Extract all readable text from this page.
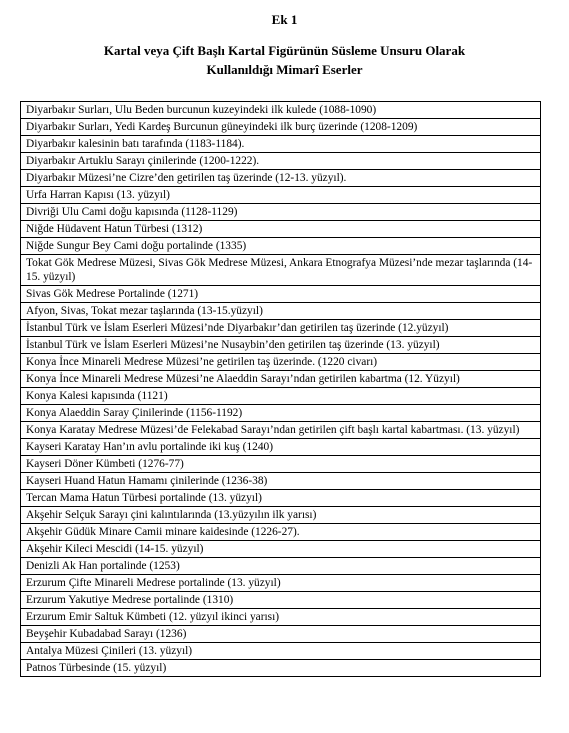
Ek 1
Kartal veya Çift Başlı Kartal Figürünün Süsleme Unsuru Olarak
Kullanıldığı Mimarî Eserler
Diyarbakır Surları, Ulu Beden burcunun kuzeyindeki ilk kulede (1088-1090)
Diyarbakır Surları, Yedi Kardeş Burcunun güneyindeki ilk burç üzerinde (1208-1209)
Diyarbakır kalesinin batı tarafında (1183-1184).
Diyarbakır Artuklu Sarayı çinilerinde (1200-1222).
Diyarbakır Müzesi’ne Cizre’den getirilen taş üzerinde (12-13. yüzyıl).
Urfa Harran Kapısı (13. yüzyıl)
Divriği Ulu Cami doğu kapısında (1128-1129)
Niğde Hüdavent Hatun Türbesi (1312)
Niğde Sungur Bey Cami doğu portalinde (1335)
Tokat Gök Medrese Müzesi, Sivas Gök Medrese Müzesi, Ankara Etnografya Müzesi’nde mezar taşlarında (14-15. yüzyıl)
Sivas Gök Medrese Portalinde (1271)
Afyon, Sivas, Tokat mezar taşlarında (13-15.yüzyıl)
İstanbul Türk ve İslam Eserleri Müzesi’nde Diyarbakır’dan getirilen taş üzerinde (12.yüzyıl)
İstanbul Türk ve İslam Eserleri Müzesi’ne Nusaybin’den getirilen taş üzerinde (13. yüzyıl)
Konya İnce Minareli Medrese Müzesi’ne getirilen taş üzerinde. (1220 civarı)
Konya İnce Minareli Medrese Müzesi’ne Alaeddin Sarayı’ndan getirilen kabartma (12. Yüzyıl)
Konya Kalesi kapısında (1121)
Konya Alaeddin Saray Çinilerinde (1156-1192)
Konya Karatay Medrese Müzesi’de Felekabad Sarayı’ndan getirilen çift başlı kartal kabartması. (13. yüzyıl)
Kayseri Karatay Han’ın avlu portalinde iki kuş (1240)
Kayseri Döner Kümbeti (1276-77)
Kayseri Huand Hatun Hamamı çinilerinde (1236-38)
Tercan Mama Hatun Türbesi portalinde (13. yüzyıl)
Akşehir Selçuk Sarayı çini kalıntılarında (13.yüzyılın ilk yarısı)
Akşehir Güdük Minare Camii minare kaidesinde (1226-27).
Akşehir Kileci Mescidi (14-15. yüzyıl)
Denizli Ak Han portalinde (1253)
Erzurum Çifte Minareli Medrese portalinde (13. yüzyıl)
Erzurum Yakutiye Medrese portalinde (1310)
Erzurum Emir Saltuk Kümbeti (12. yüzyıl ikinci yarısı)
Beyşehir Kubadabad Sarayı (1236)
Antalya Müzesi Çinileri (13. yüzyıl)
Patnos Türbesinde (15. yüzyıl)
